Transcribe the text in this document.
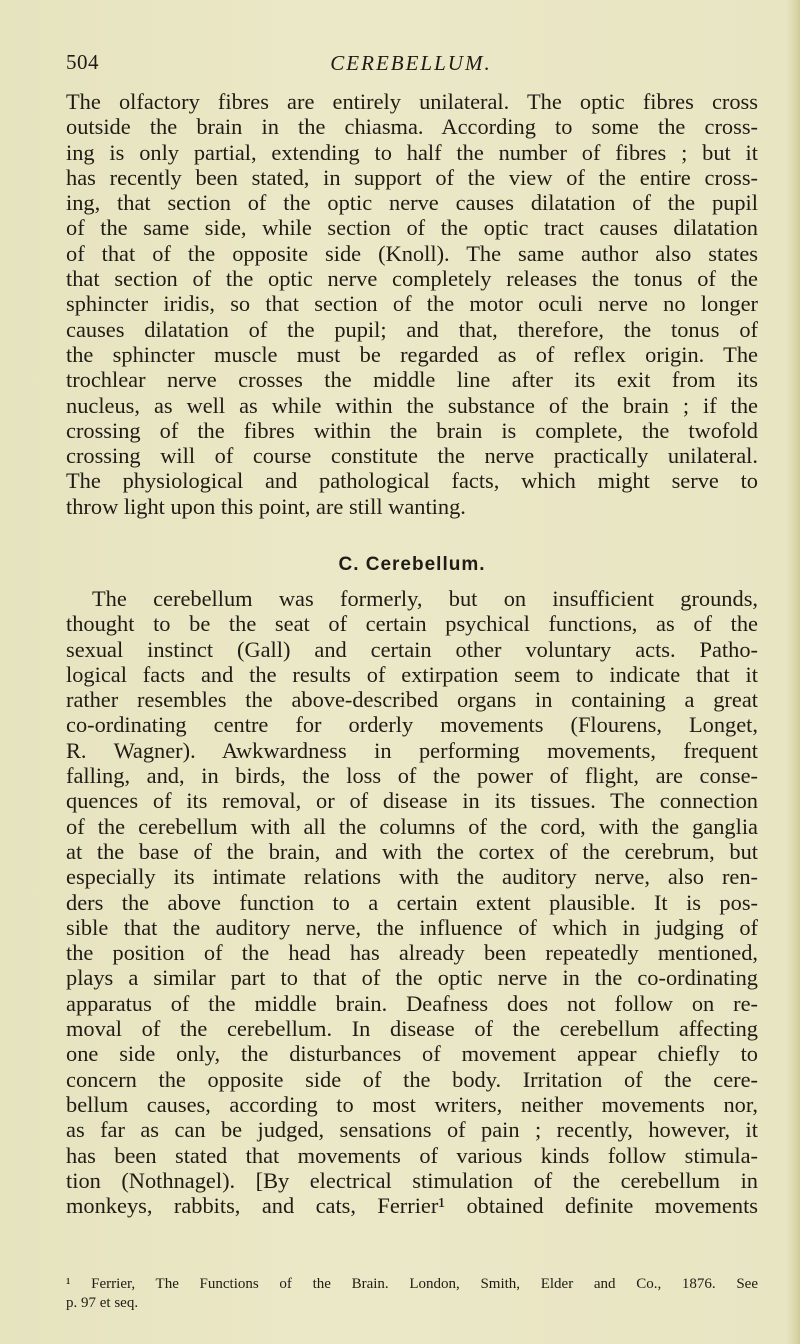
504	CEREBELLUM.
The olfactory fibres are entirely unilateral. The optic fibres cross
outside the brain in the chiasma. According to some the cross-
ing is only partial, extending to half the number of fibres ; but it
has recently been stated, in support of the view of the entire cross-
ing, that section of the optic nerve causes dilatation of the pupil
of the same side, while section of the optic tract causes dilatation
of that of the opposite side (Knoll). The same author also states
that section of the optic nerve completely releases the tonus of the
sphincter iridis, so that section of the motor oculi nerve no longer
causes dilatation of the pupil; and that, therefore, the tonus of
the sphincter muscle must be regarded as of reflex origin. The
trochlear nerve crosses the middle line after its exit from its
nucleus, as well as while within the substance of the brain ; if the
crossing of the fibres within the brain is complete, the twofold
crossing will of course constitute the nerve practically unilateral.
The physiological and pathological facts, which might serve to
throw light upon this point, are still wanting.
C. Cerebellum.
The cerebellum was formerly, but on insufficient grounds,
thought to be the seat of certain psychical functions, as of the
sexual instinct (Gall) and certain other voluntary acts. Patho-
logical facts and the results of extirpation seem to indicate that it
rather resembles the above-described organs in containing a great
co-ordinating centre for orderly movements (Flourens, Longet,
R. Wagner). Awkwardness in performing movements, frequent
falling, and, in birds, the loss of the power of flight, are conse-
quences of its removal, or of disease in its tissues. The connection
of the cerebellum with all the columns of the cord, with the ganglia
at the base of the brain, and with the cortex of the cerebrum, but
especially its intimate relations with the auditory nerve, also ren-
ders the above function to a certain extent plausible. It is pos-
sible that the auditory nerve, the influence of which in judging of
the position of the head has already been repeatedly mentioned,
plays a similar part to that of the optic nerve in the co-ordinating
apparatus of the middle brain. Deafness does not follow on re-
moval of the cerebellum. In disease of the cerebellum affecting
one side only, the disturbances of movement appear chiefly to
concern the opposite side of the body. Irritation of the cere-
bellum causes, according to most writers, neither movements nor,
as far as can be judged, sensations of pain ; recently, however, it
has been stated that movements of various kinds follow stimula-
tion (Nothnagel). [By electrical stimulation of the cerebellum in
monkeys, rabbits, and cats, Ferrier¹ obtained definite movements
¹ Ferrier, The Functions of the Brain. London, Smith, Elder and Co., 1876. See
p. 97 et seq.
